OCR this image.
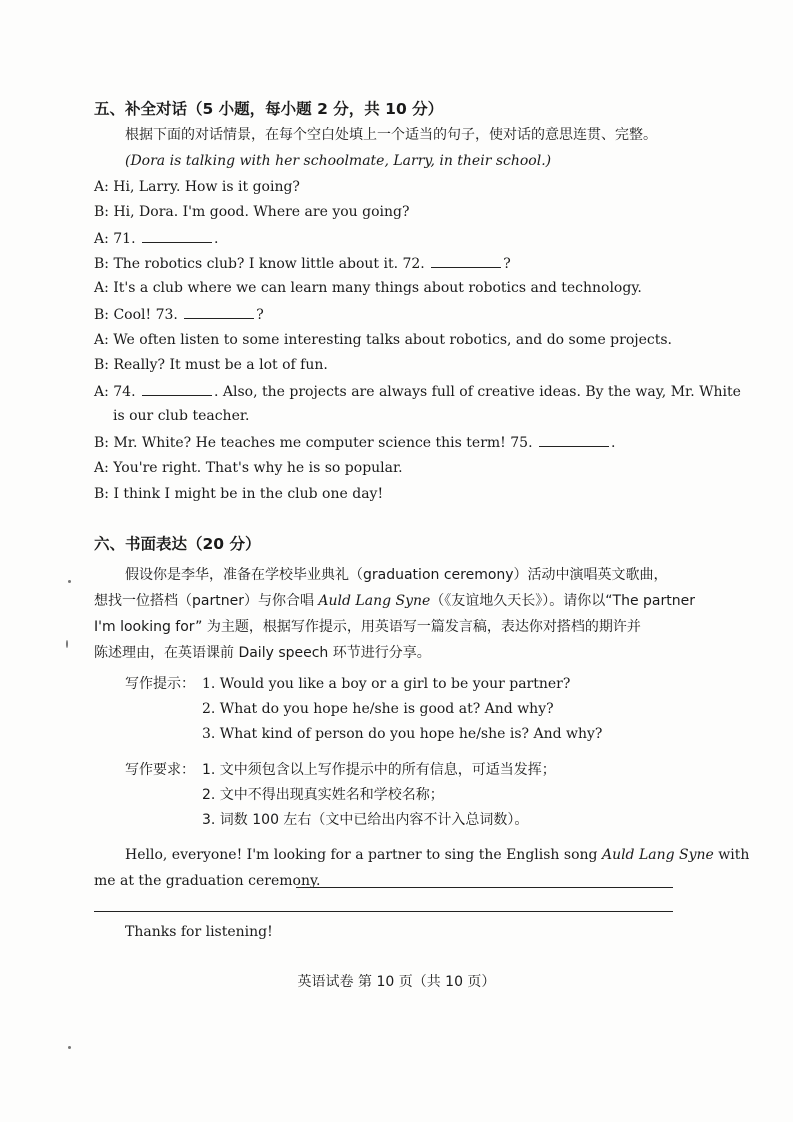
五、补全对话（5 小题，每小题 2 分，共 10 分）
根据下面的对话情景，在每个空白处填上一个适当的句子，使对话的意思连贯、完整。
(Dora is talking with her schoolmate, Larry, in their school.)
A: Hi, Larry. How is it going?
B: Hi, Dora. I'm good. Where are you going?
A: 71.	.
B: The robotics club? I know little about it. 72.	?
A: It's a club where we can learn many things about robotics and technology.
B: Cool! 73.	?
A: We often listen to some interesting talks about robotics, and do some projects.
B: Really? It must be a lot of fun.
A: 74.	. Also, the projects are always full of creative ideas. By the way, Mr. White
is our club teacher.
B: Mr. White? He teaches me computer science this term! 75.	.
A: You're right. That's why he is so popular.
B: I think I might be in the club one day!
六、书面表达（20 分）
假设你是李华，准备在学校毕业典礼（graduation ceremony）活动中演唱英文歌曲，
想找一位搭档（partner）与你合唱 Auld Lang Syne（《友谊地久天长》）。请你以“The partner
I'm looking for” 为主题，根据写作提示，用英语写一篇发言稿，表达你对搭档的期许并
陈述理由，在英语课前 Daily speech 环节进行分享。
写作提示： 1. Would you like a boy or a girl to be your partner?
2. What do you hope he/she is good at? And why?
3. What kind of person do you hope he/she is? And why?
写作要求： 1. 文中须包含以上写作提示中的所有信息，可适当发挥；
2. 文中不得出现真实姓名和学校名称；
3. 词数 100 左右（文中已给出内容不计入总词数）。
Hello, everyone! I'm looking for a partner to sing the English song Auld Lang Syne with
me at the graduation ceremony.
Thanks for listening!
英语试卷 第 10 页（共 10 页）
